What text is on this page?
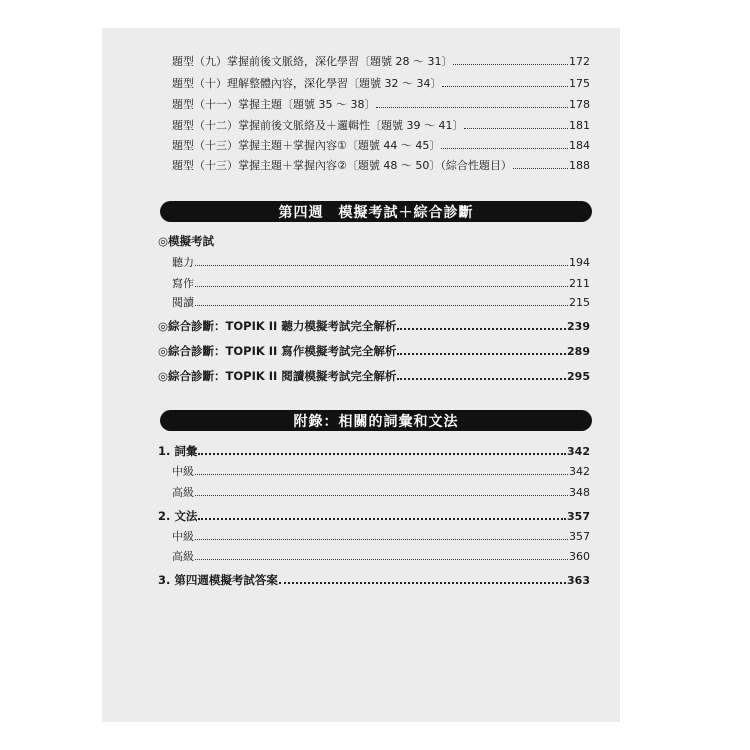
題型（九）掌握前後文脈絡，深化學習〔題號 28 ～ 31〕	172
題型（十）理解整體內容，深化學習〔題號 32 ～ 34〕	175
題型（十一）掌握主題〔題號 35 ～ 38〕	178
題型（十二）掌握前後文脈絡及＋邏輯性〔題號 39 ～ 41〕	181
題型（十三）掌握主題＋掌握內容①〔題號 44 ～ 45〕	184
題型（十三）掌握主題＋掌握內容②〔題號 48 ～ 50〕（綜合性題目）	188
第四週　模擬考試＋綜合診斷
◎模擬考試
聽力	194
寫作	211
閱讀	215
◎綜合診斷：TOPIK II 聽力模擬考試完全解析	239
◎綜合診斷：TOPIK II 寫作模擬考試完全解析	289
◎綜合診斷：TOPIK II 閱讀模擬考試完全解析	295
附錄：相關的詞彙和文法
1. 詞彙	342
中級	342
高級	348
2. 文法	357
中級	357
高級	360
3. 第四週模擬考試答案	363
